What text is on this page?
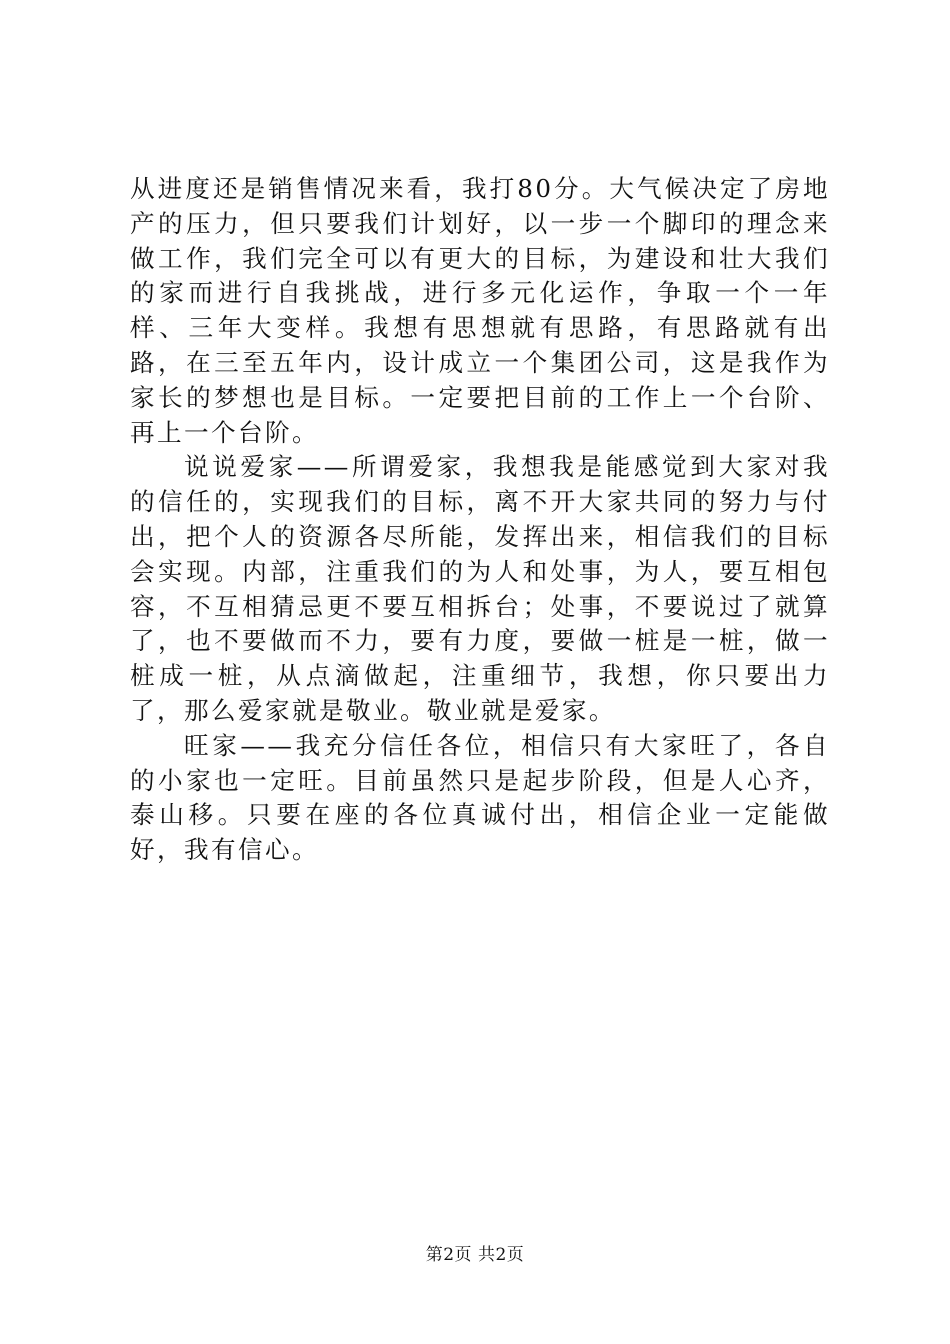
从进度还是销售情况来看，我打80分。大气候决定了房地产的压力，但只要我们计划好，以一步一个脚印的理念来做工作，我们完全可以有更大的目标，为建设和壮大我们的家而进行自我挑战，进行多元化运作，争取一个一年样、三年大变样。我想有思想就有思路，有思路就有出路，在三至五年内，设计成立一个集团公司，这是我作为家长的梦想也是目标。一定要把目前的工作上一个台阶、再上一个台阶。

说说爱家——所谓爱家，我想我是能感觉到大家对我的信任的，实现我们的目标，离不开大家共同的努力与付出，把个人的资源各尽所能，发挥出来，相信我们的目标会实现。内部，注重我们的为人和处事，为人，要互相包容，不互相猜忌更不要互相拆台；处事，不要说过了就算了，也不要做而不力，要有力度，要做一桩是一桩，做一桩成一桩，从点滴做起，注重细节，我想，你只要出力了，那么爱家就是敬业。敬业就是爱家。

旺家——我充分信任各位，相信只有大家旺了，各自的小家也一定旺。目前虽然只是起步阶段，但是人心齐，泰山移。只要在座的各位真诚付出，相信企业一定能做好，我有信心。

第2页 共2页
